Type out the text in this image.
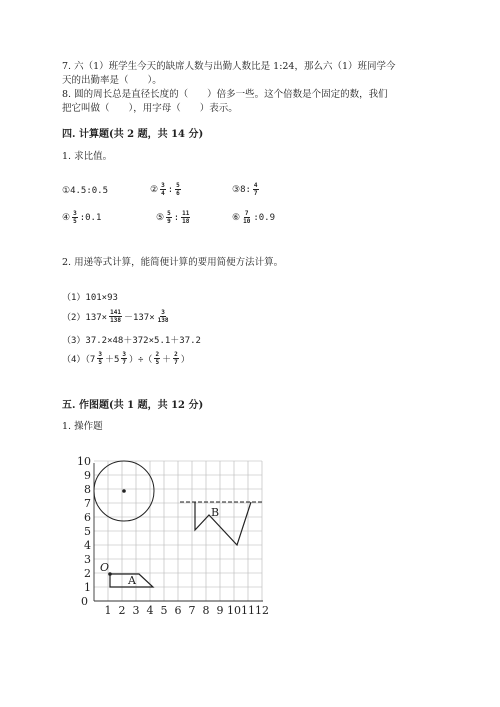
7. 六（1）班学生今天的缺席人数与出勤人数比是 1:24，那么六（1）班同学今
天的出勤率是（　　）。
8. 圆的周长总是直径长度的（　　）倍多一些。这个倍数是个固定的数，我们
把它叫做（　　），用字母（　　）表示。
四. 计算题(共 2 题，共 14 分)
1. 求比值。
①4.5:0.5	② $\frac{3}{4}$ : $\frac{5}{6}$	③8: $\frac{4}{7}$
④ $\frac{3}{5}$ :0.1	⑤ $\frac{5}{9}$ : $\frac{11}{18}$	⑥ $\frac{7}{10}$ :0.9
2. 用递等式计算，能简便计算的要用简便方法计算。
（1）101×93
$(2)137\times \frac{141}{138} -137\times \frac{3}{138}$
（3）37.2×48＋372×5.1＋37.2
$(4)(7 \frac{3}{5} +5 \frac{3}{7}$ ）÷（ $\frac{2}{5} + \frac{2}{7}$ ）
五. 作图题(共 1 题，共 12 分)
1. 操作题
1 2 3 4 5 6 7 8 9 10 11 12
1
2
3
4
5
6
7
8
9
10
0
O
A
B
